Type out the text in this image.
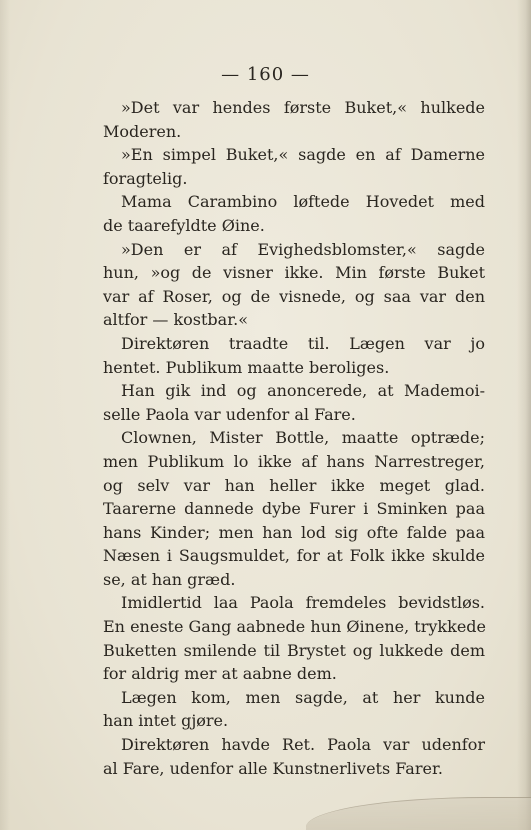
— 160 —
»Det var hendes første Buket,« hulkede
Moderen.
»En simpel Buket,« sagde en af Damerne
foragtelig.
Mama Carambino løftede Hovedet med
de taarefyldte Øine.
»Den er af Evighedsblomster,« sagde
hun, »og de visner ikke. Min første Buket
var af Roser, og de visnede, og saa var den
altfor — kostbar.«
Direktøren traadte til. Lægen var jo
hentet. Publikum maatte beroliges.
Han gik ind og anoncerede, at Mademoi-
selle Paola var udenfor al Fare.
Clownen, Mister Bottle, maatte optræde;
men Publikum lo ikke af hans Narrestreger,
og selv var han heller ikke meget glad.
Taarerne dannede dybe Furer i Sminken paa
hans Kinder; men han lod sig ofte falde paa
Næsen i Saugsmuldet, for at Folk ikke skulde
se, at han græd.
Imidlertid laa Paola fremdeles bevidstløs.
En eneste Gang aabnede hun Øinene, trykkede
Buketten smilende til Brystet og lukkede dem
for aldrig mer at aabne dem.
Lægen kom, men sagde, at her kunde
han intet gjøre.
Direktøren havde Ret. Paola var udenfor
al Fare, udenfor alle Kunstnerlivets Farer.
